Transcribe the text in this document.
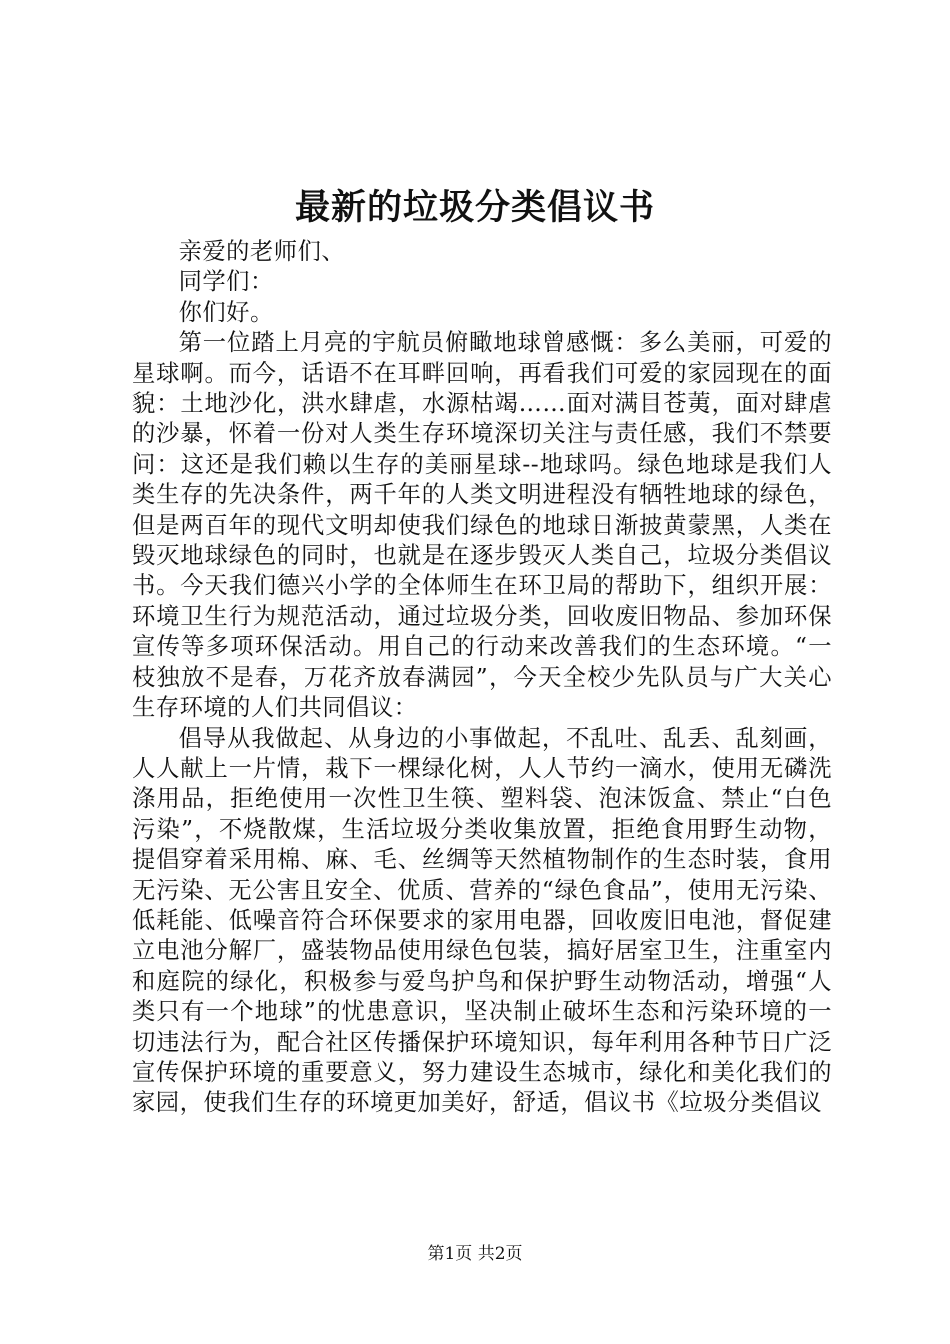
最新的垃圾分类倡议书

亲爱的老师们、

同学们：

你们好。

第一位踏上月亮的宇航员俯瞰地球曾感慨：多么美丽，可爱的星球啊。而今，话语不在耳畔回响，再看我们可爱的家园现在的面貌：土地沙化，洪水肆虐，水源枯竭……面对满目苍荑，面对肆虐的沙暴，怀着一份对人类生存环境深切关注与责任感，我们不禁要问：这还是我们赖以生存的美丽星球--地球吗。绿色地球是我们人类生存的先决条件，两千年的人类文明进程没有牺牲地球的绿色，但是两百年的现代文明却使我们绿色的地球日渐披黄蒙黑，人类在毁灭地球绿色的同时，也就是在逐步毁灭人类自己，垃圾分类倡议书。今天我们德兴小学的全体师生在环卫局的帮助下，组织开展：环境卫生行为规范活动，通过垃圾分类，回收废旧物品、参加环保宣传等多项环保活动。用自己的行动来改善我们的生态环境。“一枝独放不是春，万花齐放春满园”，今天全校少先队员与广大关心生存环境的人们共同倡议：

倡导从我做起、从身边的小事做起，不乱吐、乱丢、乱刻画，人人献上一片情，栽下一棵绿化树，人人节约一滴水，使用无磷洗涤用品，拒绝使用一次性卫生筷、塑料袋、泡沫饭盒、禁止“白色污染”，不烧散煤，生活垃圾分类收集放置，拒绝食用野生动物，提倡穿着采用棉、麻、毛、丝绸等天然植物制作的生态时装，食用无污染、无公害且安全、优质、营养的“绿色食品”，使用无污染、低耗能、低噪音符合环保要求的家用电器，回收废旧电池，督促建立电池分解厂，盛装物品使用绿色包装，搞好居室卫生，注重室内和庭院的绿化，积极参与爱鸟护鸟和保护野生动物活动，增强“人类只有一个地球”的忧患意识，坚决制止破坏生态和污染环境的一切违法行为，配合社区传播保护环境知识，每年利用各种节日广泛宣传保护环境的重要意义，努力建设生态城市，绿化和美化我们的家园，使我们生存的环境更加美好，舒适，倡议书《垃圾分类倡议

第1页 共2页
